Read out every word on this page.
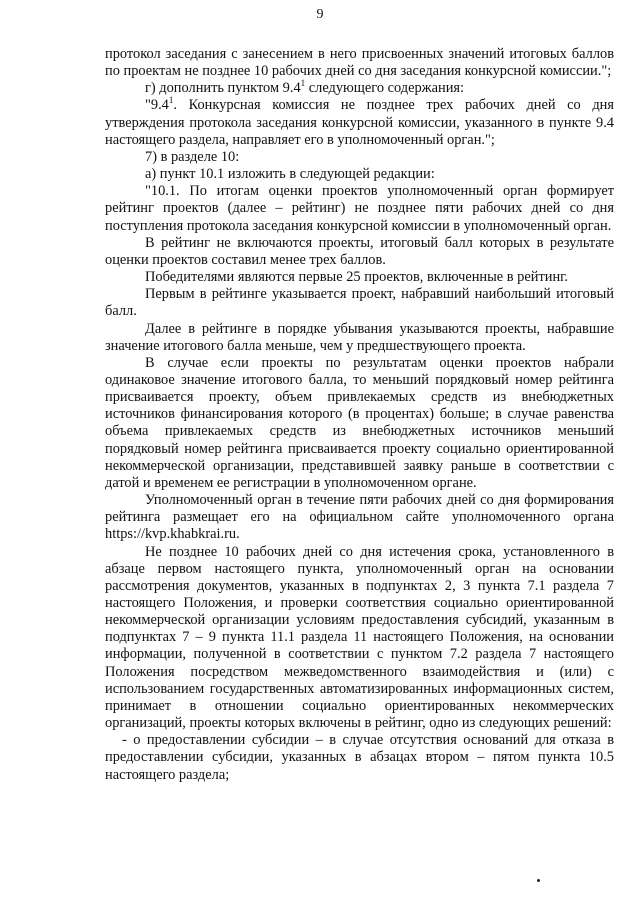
9

протокол заседания с занесением в него присвоенных значений итоговых баллов по проектам не позднее 10 рабочих дней со дня заседания конкурсной комиссии.";

г) дополнить пунктом $9.4^1$ следующего содержания:

"$9.4^1$. Конкурсная комиссия не позднее трех рабочих дней со дня утверждения протокола заседания конкурсной комиссии, указанного в пункте 9.4 настоящего раздела, направляет его в уполномоченный орган.";

7) в разделе 10:

а) пункт 10.1 изложить в следующей редакции:

"10.1. По итогам оценки проектов уполномоченный орган формирует рейтинг проектов (далее – рейтинг) не позднее пяти рабочих дней со дня поступления протокола заседания конкурсной комиссии в уполномоченный орган.

В рейтинг не включаются проекты, итоговый балл которых в результате оценки проектов составил менее трех баллов.

Победителями являются первые 25 проектов, включенные в рейтинг.

Первым в рейтинге указывается проект, набравший наибольший итоговый балл.

Далее в рейтинге в порядке убывания указываются проекты, набравшие значение итогового балла меньше, чем у предшествующего проекта.

В случае если проекты по результатам оценки проектов набрали одинаковое значение итогового балла, то меньший порядковый номер рейтинга присваивается проекту, объем привлекаемых средств из внебюджетных источников финансирования которого (в процентах) больше; в случае равенства объема привлекаемых средств из внебюджетных источников меньший порядковый номер рейтинга присваивается проекту социально ориентированной некоммерческой организации, представившей заявку раньше в соответствии с датой и временем ее регистрации в уполномоченном органе.

Уполномоченный орган в течение пяти рабочих дней со дня формирования рейтинга размещает его на официальном сайте уполномоченного органа https://kvp.khabkrai.ru.

Не позднее 10 рабочих дней со дня истечения срока, установленного в абзаце первом настоящего пункта, уполномоченный орган на основании рассмотрения документов, указанных в подпунктах 2, 3 пункта 7.1 раздела 7 настоящего Положения, и проверки соответствия социально ориентированной некоммерческой организации условиям предоставления субсидий, указанным в подпунктах 7 – 9 пункта 11.1 раздела 11 настоящего Положения, на основании информации, полученной в соответствии с пунктом 7.2 раздела 7 настоящего Положения посредством межведомственного взаимодействия и (или) с использованием государственных автоматизированных информационных систем, принимает в отношении социально ориентированных некоммерческих организаций, проекты которых включены в рейтинг, одно из следующих решений:

- о предоставлении субсидии – в случае отсутствия оснований для отказа в предоставлении субсидии, указанных в абзацах втором – пятом пункта 10.5 настоящего раздела;
